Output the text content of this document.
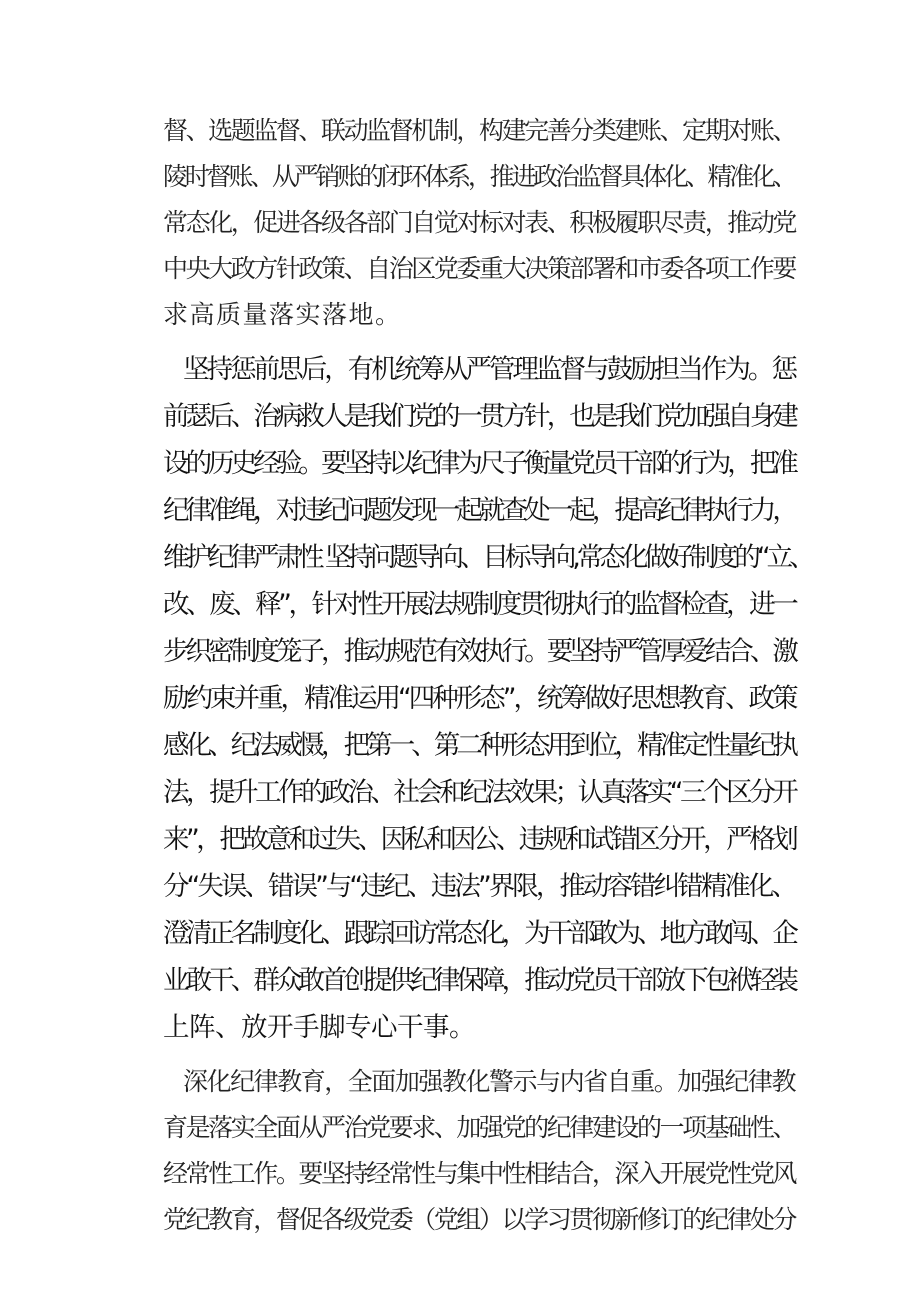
督、选题监督、联动监督机制，构建完善分类建账、定期对账、
陵时督账、从严销账的闭环体系，推进政治监督具体化、精准化、
常态化，促进各级各部门自觉对标对表、积极履职尽责，推动党
中央大政方针政策、自治区党委重大决策部署和市委各项工作要
求高质量落实落地。
坚持惩前思后，有机统筹从严管理监督与鼓励担当作为。惩
前瑟后、治病救人是我们党的一贯方针，也是我们党加强自身建
设的历史经验。要坚持以纪律为尺子衡量党员干部的行为，把准
纪律准绳，对违纪问题发现一起就查处一起，提高纪律执行力，
维护纪律严肃性 坚持问题导向、目标导向,常态化做好制度的“立、
改、废、释”，针对性开展法规制度贯彻执行的监督检查，进一
步织密制度笼子，推动规范有效执行。要坚持严管厚爱结合、激
励约束并重，精准运用“四种形态”，统筹做好思想教育、政策
感化、纪法威慑，把第一、第二种形态用到位，精准定性量纪执
法，提升工作的政治、社会和纪法效果；认真落实“三个区分开
来”，把故意和过失、因私和因公、违规和试错区分开，严格划
分“失误、错误”与“违纪、违法”界限，推动容错纠错精准化、
澄清正名制度化、跟踪回访常态化，为干部敢为、地方敢闯、企
业敢干、群众敢首创提供纪律保障，推动党员干部放下包袱轻装
上阵、放开手脚专心干事。
深化纪律教育，全面加强教化警示与内省自重。加强纪律教
育是落实全面从严治党要求、加强党的纪律建设的一项基础性、
经常性工作。要坚持经常性与集中性相结合，深入开展党性党风
党纪教育，督促各级党委（党组）以学习贯彻新修订的纪律处分
